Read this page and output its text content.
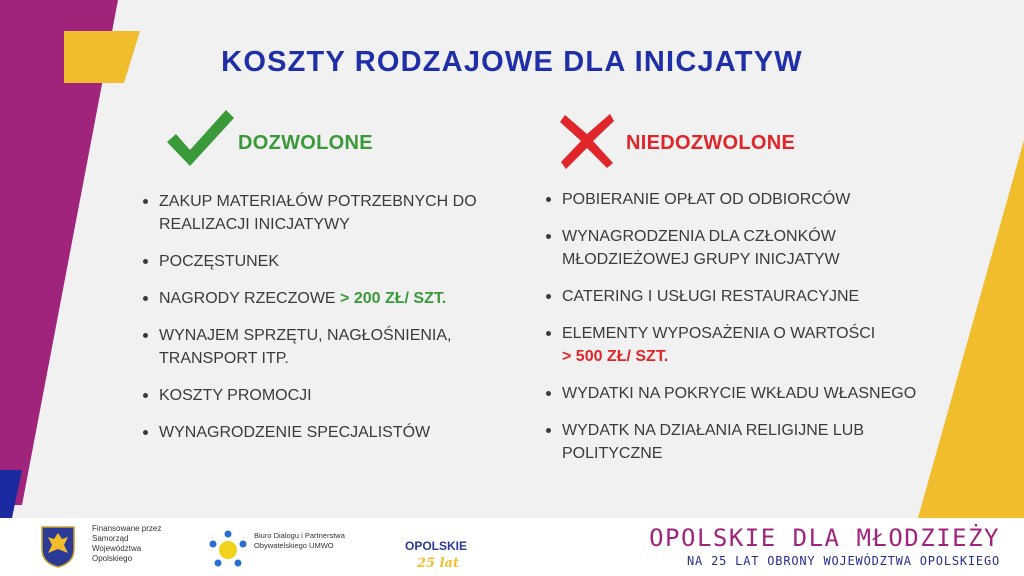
KOSZTY RODZAJOWE DLA INICJATYW
DOZWOLONE
ZAKUP MATERIAŁÓW POTRZEBNYCH DO REALIZACJI INICJATYWY
POCZĘSTUNEK
NAGRODY RZECZOWE > 200 ZŁ/ SZT.
WYNAJEM SPRZĘTU, NAGŁOŚNIENIA, TRANSPORT ITP.
KOSZTY PROMOCJI
WYNAGRODZENIE SPECJALISTÓW
NIEDOZWOLONE
POBIERANIE OPŁAT OD ODBIORCÓW
WYNAGRODZENIA DLA CZŁONKÓW MŁODZIEŻOWEJ GRUPY INICJATYW
CATERING I USŁUGI RESTAURACYJNE
ELEMENTY WYPOSAŻENIA O WARTOŚCI
> 500 ZŁ/ SZT.
WYDATKI NA POKRYCIE WKŁADU WŁASNEGO
WYDATK NA DZIAŁANIA RELIGIJNE LUB POLITYCZNE
Finansowane przez Samorząd Województwa Opolskiego
Biuro Dialogu i Partnerstwa Obywatelskiego UMWO	OPOLSKIE
25 lat
OPOLSKIE DLA MŁODZIEŻY
NA 25 LAT OBRONY WOJEWÓDZTWA OPOLSKIEGO
